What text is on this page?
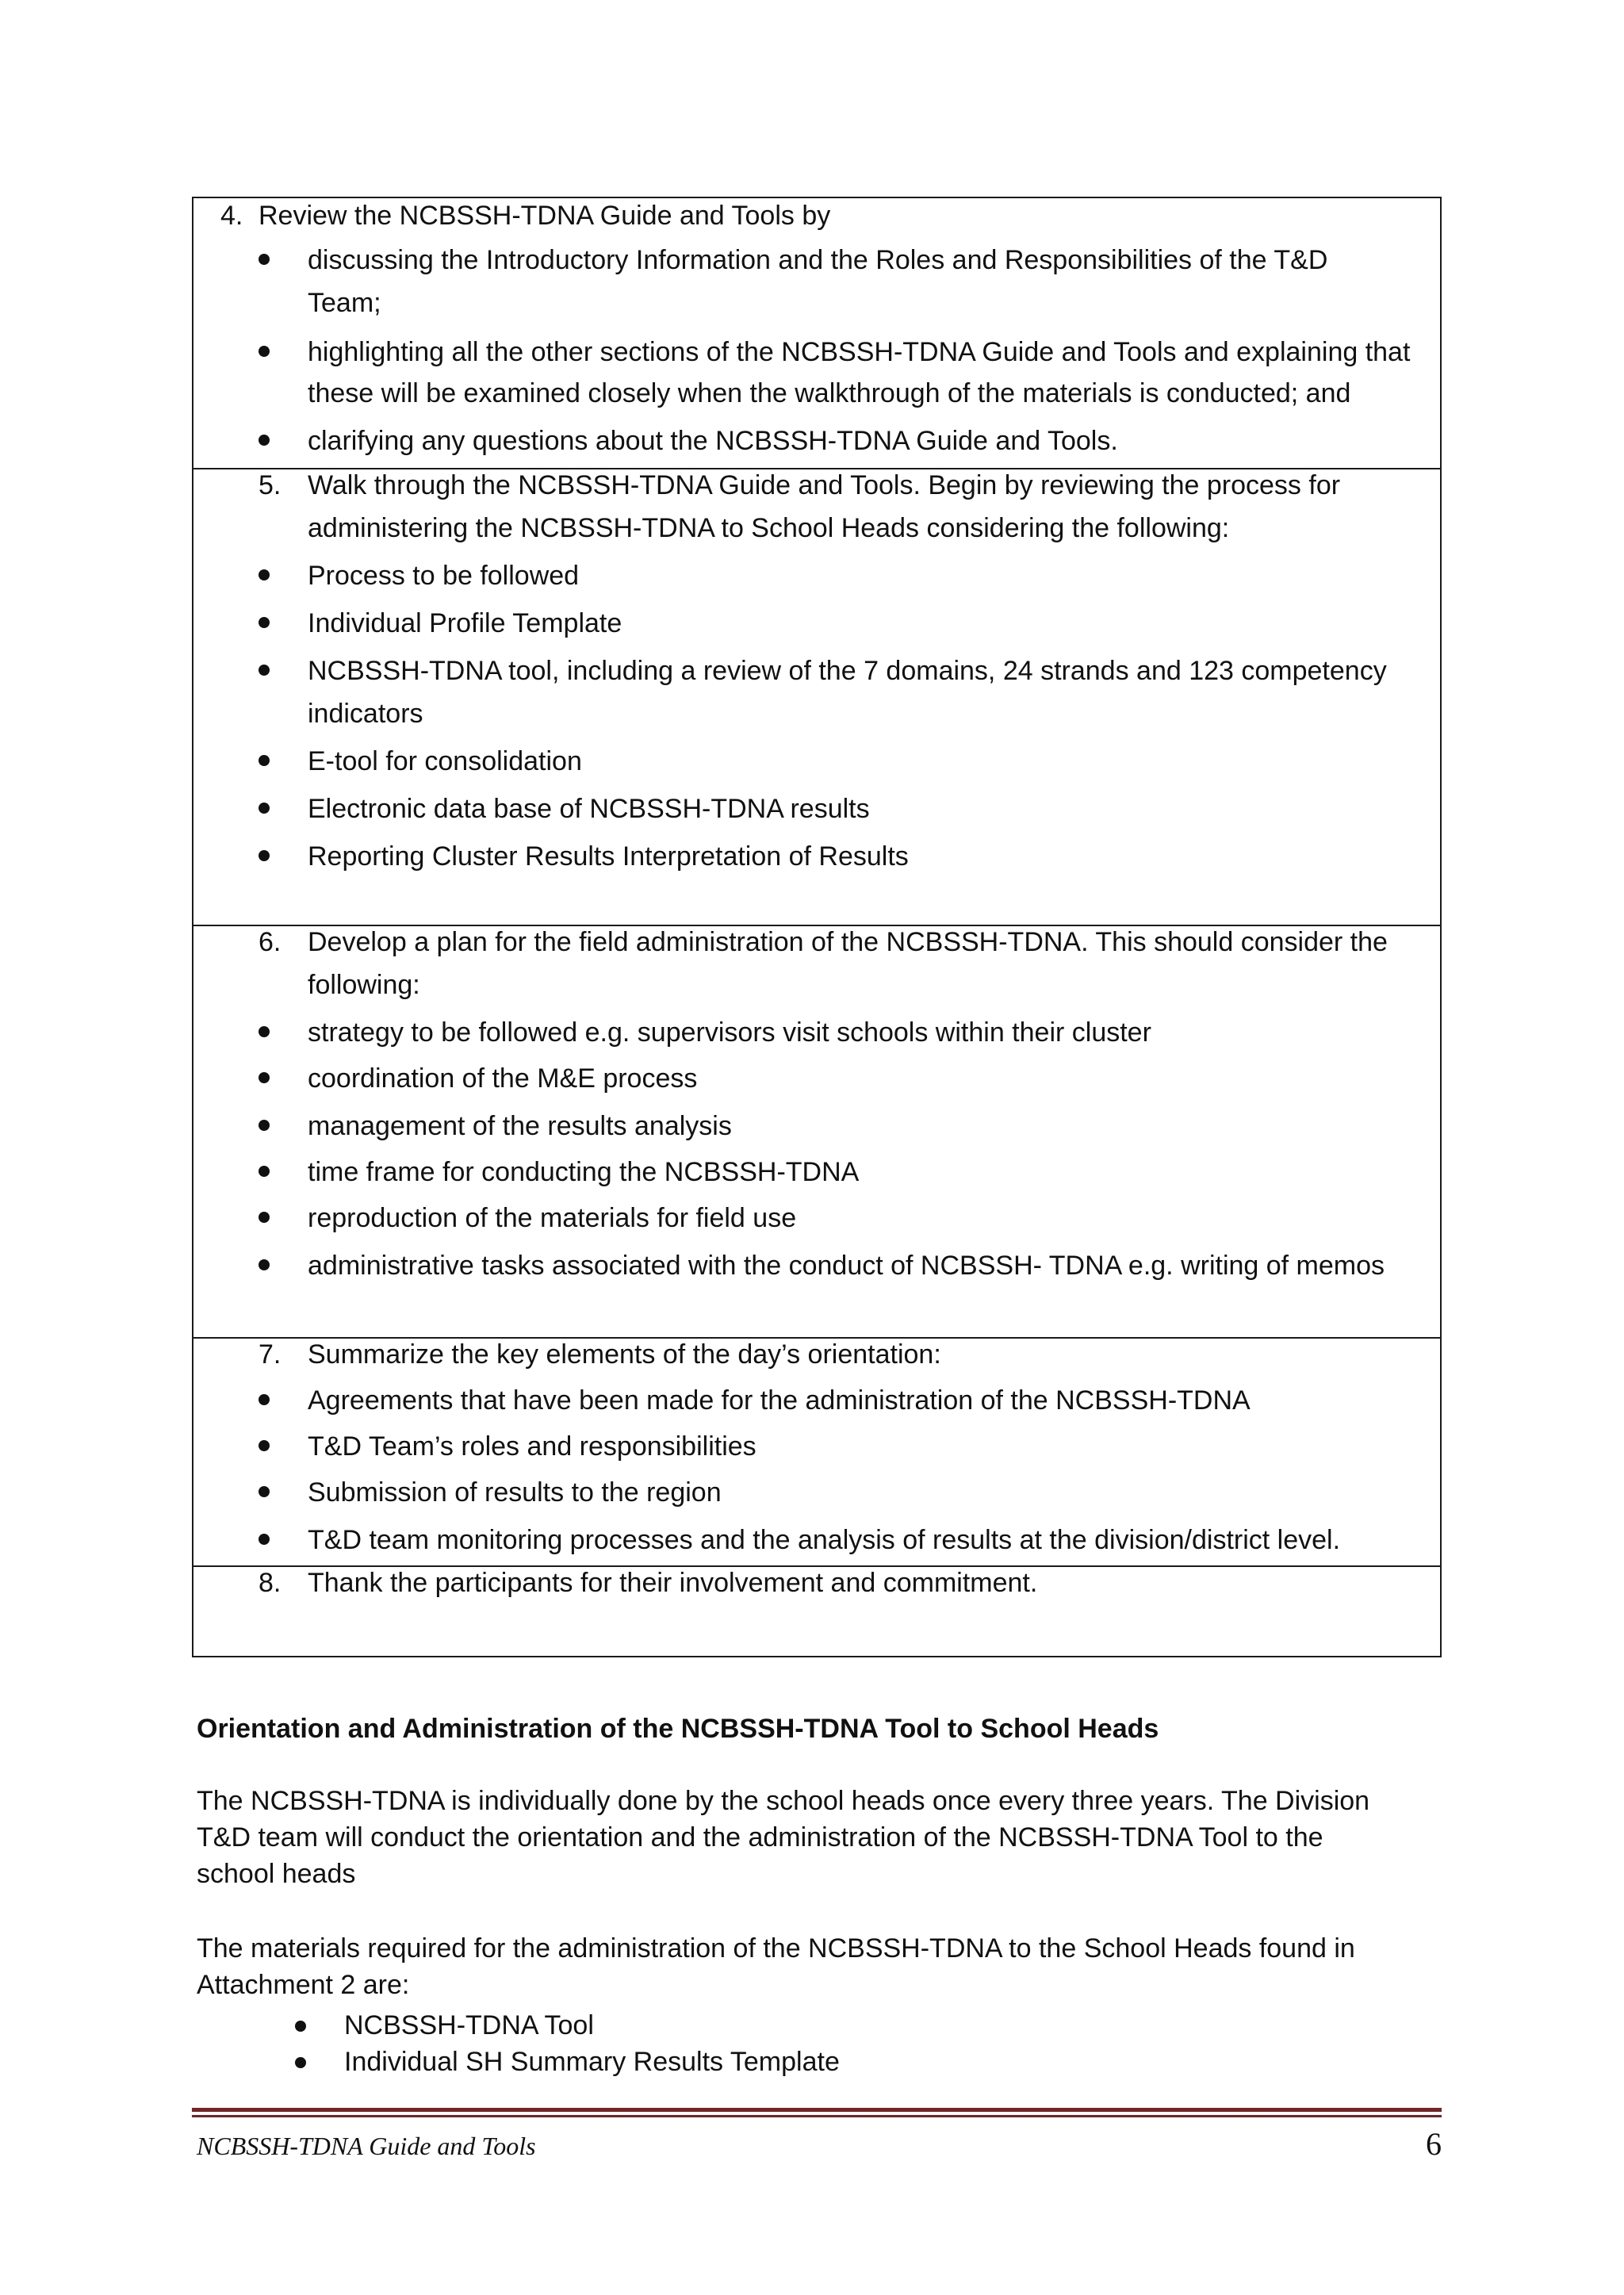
4. Review the NCBSSH-TDNA Guide and Tools by
discussing the Introductory Information and the Roles and Responsibilities of the T&D
Team;
highlighting all the other sections of the NCBSSH-TDNA Guide and Tools and explaining that
these will be examined closely when the walkthrough of the materials is conducted; and
clarifying any questions about the NCBSSH-TDNA Guide and Tools.

5. Walk through the NCBSSH-TDNA Guide and Tools. Begin by reviewing the process for
administering the NCBSSH-TDNA to School Heads considering the following:
Process to be followed
Individual Profile Template
NCBSSH-TDNA tool, including a review of the 7 domains, 24 strands and 123 competency
indicators
E-tool for consolidation
Electronic data base of NCBSSH-TDNA results
Reporting Cluster Results Interpretation of Results

6. Develop a plan for the field administration of the NCBSSH-TDNA. This should consider the
following:
strategy to be followed e.g. supervisors visit schools within their cluster
coordination of the M&E process
management of the results analysis
time frame for conducting the NCBSSH-TDNA
reproduction of the materials for field use
administrative tasks associated with the conduct of NCBSSH- TDNA e.g. writing of memos

7. Summarize the key elements of the day’s orientation:
Agreements that have been made for the administration of the NCBSSH-TDNA
T&D Team’s roles and responsibilities
Submission of results to the region
T&D team monitoring processes and the analysis of results at the division/district level.

8. Thank the participants for their involvement and commitment.
Orientation and Administration of the NCBSSH-TDNA Tool to School Heads
The NCBSSH-TDNA is individually done by the school heads once every three years. The Division
T&D team will conduct the orientation and the administration of the NCBSSH-TDNA Tool to the
school heads
The materials required for the administration of the NCBSSH-TDNA to the School Heads found in
Attachment 2 are:
NCBSSH-TDNA Tool
Individual SH Summary Results Template
NCBSSH-TDNA Guide and Tools	6
